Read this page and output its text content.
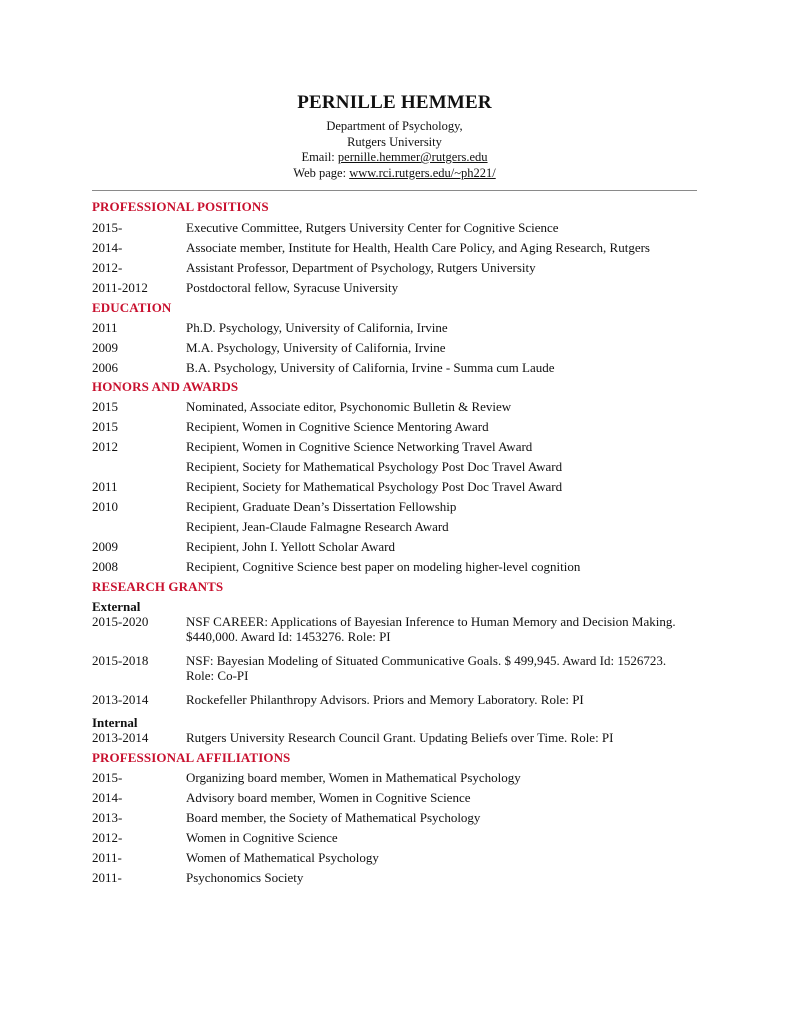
PERNILLE HEMMER
Department of Psychology,
Rutgers University
Email: pernille.hemmer@rutgers.edu
Web page: www.rci.rutgers.edu/~ph221/
PROFESSIONAL POSITIONS
2015-	Executive Committee, Rutgers University Center for Cognitive Science
2014-	Associate member, Institute for Health, Health Care Policy, and Aging Research, Rutgers
2012-	Assistant Professor, Department of Psychology, Rutgers University
2011-2012	Postdoctoral fellow, Syracuse University
EDUCATION
2011	Ph.D. Psychology, University of California, Irvine
2009	M.A. Psychology, University of California, Irvine
2006	B.A. Psychology, University of California, Irvine - Summa cum Laude
HONORS AND AWARDS
2015	Nominated, Associate editor, Psychonomic Bulletin & Review
2015	Recipient, Women in Cognitive Science Mentoring Award
2012	Recipient, Women in Cognitive Science Networking Travel Award
Recipient, Society for Mathematical Psychology Post Doc Travel Award
2011	Recipient, Society for Mathematical Psychology Post Doc Travel Award
2010	Recipient, Graduate Dean’s Dissertation Fellowship
Recipient, Jean-Claude Falmagne Research Award
2009	Recipient, John I. Yellott Scholar Award
2008	Recipient, Cognitive Science best paper on modeling higher-level cognition
RESEARCH GRANTS
External
2015-2020	NSF CAREER: Applications of Bayesian Inference to Human Memory and Decision Making. $440,000. Award Id: 1453276. Role: PI
2015-2018	NSF: Bayesian Modeling of Situated Communicative Goals. $ 499,945. Award Id: 1526723. Role: Co-PI
2013-2014	Rockefeller Philanthropy Advisors. Priors and Memory Laboratory. Role: PI
Internal
2013-2014	Rutgers University Research Council Grant. Updating Beliefs over Time. Role: PI
PROFESSIONAL AFFILIATIONS
2015-	Organizing board member, Women in Mathematical Psychology
2014-	Advisory board member, Women in Cognitive Science
2013-	Board member, the Society of Mathematical Psychology
2012-	Women in Cognitive Science
2011-	Women of Mathematical Psychology
2011-	Psychonomics Society
